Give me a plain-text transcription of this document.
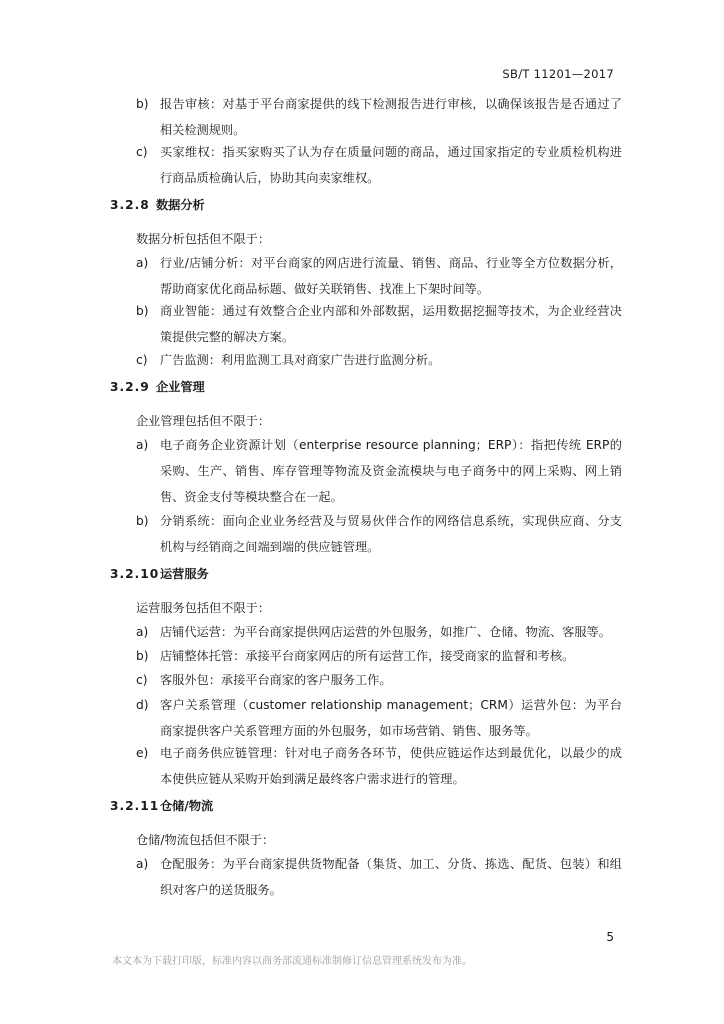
SB/T 11201—2017
b) 报告审核：对基于平台商家提供的线下检测报告进行审核，以确保该报告是否通过了相关检测规则。
c)	买家维权：指买家购买了认为存在质量问题的商品，通过国家指定的专业质检机构进行商品质检确认后，协助其向卖家维权。
3.2.8 数据分析
数据分析包括但不限于：
a) 行业/店铺分析：对平台商家的网店进行流量、销售、商品、行业等全方位数据分析，帮助商家优化商品标题、做好关联销售、找准上下架时间等。
b) 商业智能：通过有效整合企业内部和外部数据，运用数据挖掘等技术，为企业经营决策提供完整的解决方案。
c)	广告监测：利用监测工具对商家广告进行监测分析。
3.2.9 企业管理
企业管理包括但不限于：
a) 电子商务企业资源计划（enterprise resource planning；ERP）：指把传统 ERP的采购、生产、销售、库存管理等物流及资金流模块与电子商务中的网上采购、网上销售、资金支付等模块整合在一起。
b) 分销系统：面向企业业务经营及与贸易伙伴合作的网络信息系统，实现供应商、分支机构与经销商之间端到端的供应链管理。
3.2.10运营服务
运营服务包括但不限于：
a) 店铺代运营：为平台商家提供网店运营的外包服务，如推广、仓储、物流、客服等。
b) 店铺整体托管：承接平台商家网店的所有运营工作，接受商家的监督和考核。
c)	客服外包：承接平台商家的客户服务工作。
d) 客户关系管理（customer relationship management；CRM）运营外包：为平台商家提供客户关系管理方面的外包服务，如市场营销、销售、服务等。
e) 电子商务供应链管理：针对电子商务各环节，使供应链运作达到最优化，以最少的成本使供应链从采购开始到满足最终客户需求进行的管理。
3.2.11仓储/物流
仓储/物流包括但不限于：
a) 仓配服务：为平台商家提供货物配备（集货、加工、分货、拣选、配货、包装）和组织对客户的送货服务。
5
本文本为下载打印版，标准内容以商务部流通标准制修订信息管理系统发布为准。
